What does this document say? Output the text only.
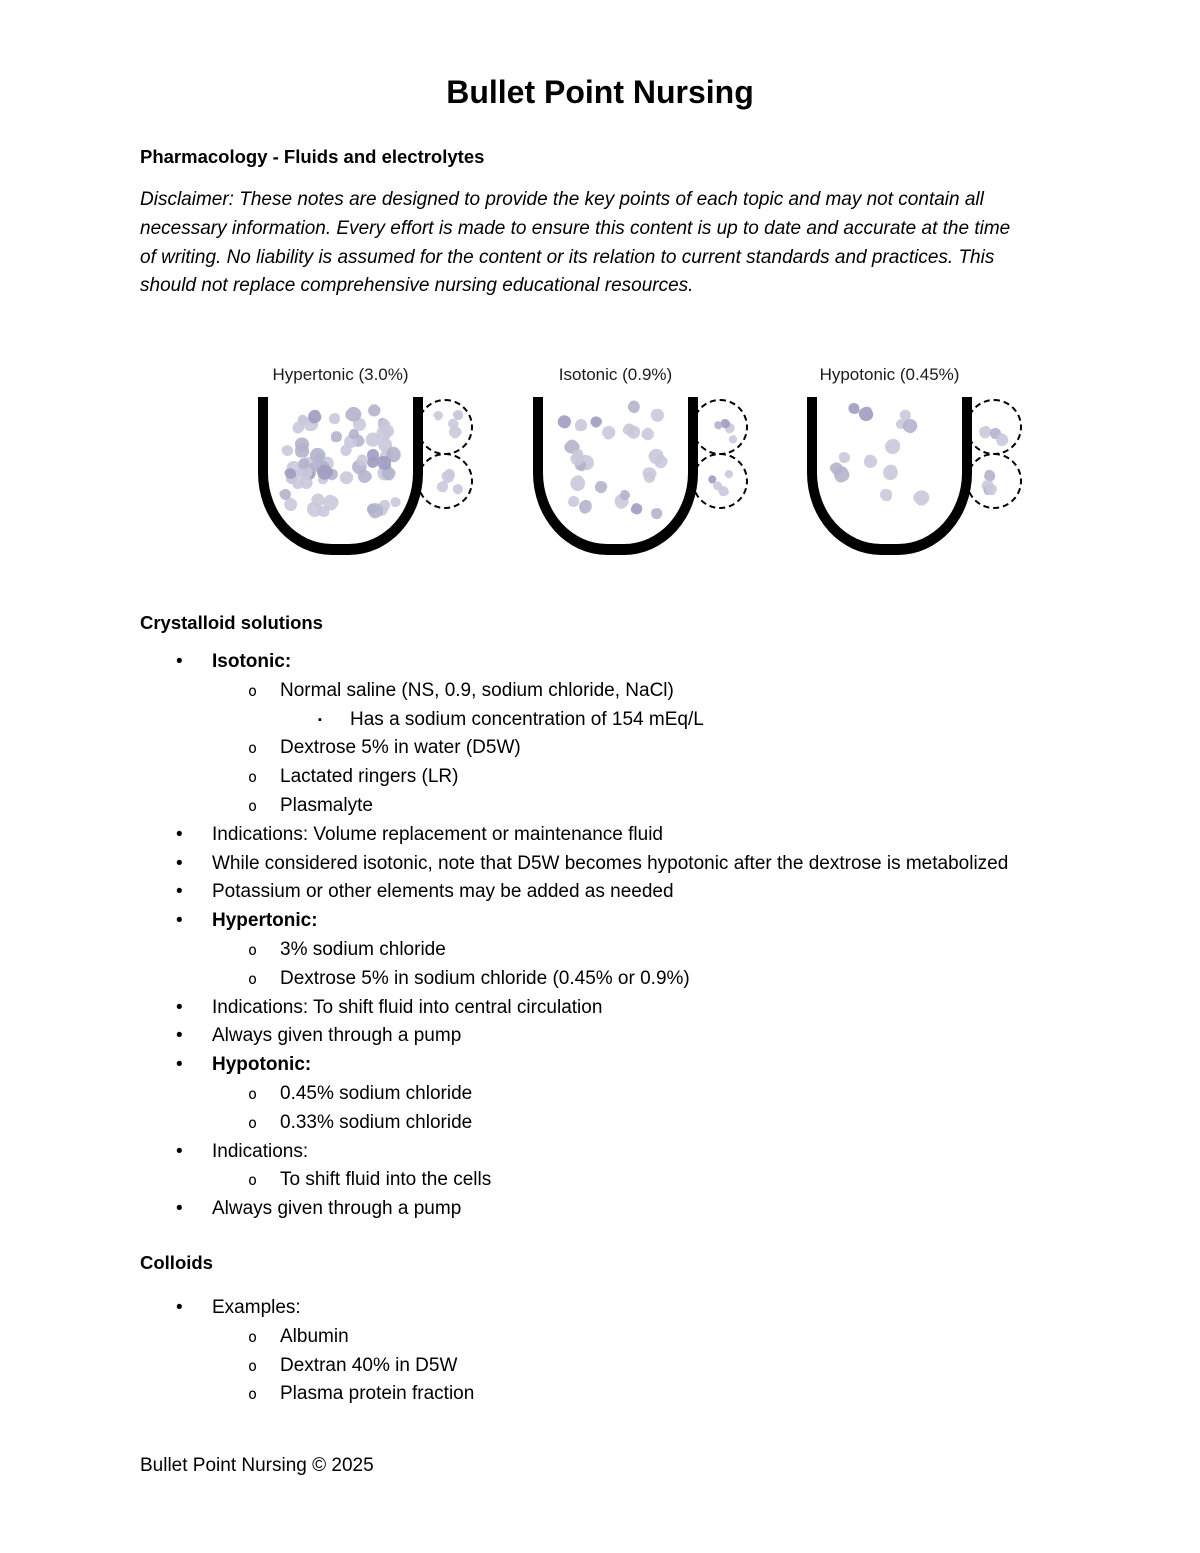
Bullet Point Nursing
Pharmacology - Fluids and electrolytes
Disclaimer: These notes are designed to provide the key points of each topic and may not contain all
necessary information. Every effort is made to ensure this content is up to date and accurate at the time
of writing. No liability is assumed for the content or its relation to current standards and practices. This
should not replace comprehensive nursing educational resources.
Hypertonic (3.0%)	Isotonic (0.9%)	Hypotonic (0.45%)
Crystalloid solutions
• Isotonic:
o Normal saline (NS, 0.9, sodium chloride, NaCl)
▪ Has a sodium concentration of 154 mEq/L
o Dextrose 5% in water (D5W)
o Lactated ringers (LR)
o Plasmalyte
• Indications: Volume replacement or maintenance fluid
• While considered isotonic, note that D5W becomes hypotonic after the dextrose is metabolized
• Potassium or other elements may be added as needed
• Hypertonic:
o 3% sodium chloride
o Dextrose 5% in sodium chloride (0.45% or 0.9%)
• Indications: To shift fluid into central circulation
• Always given through a pump
• Hypotonic:
o 0.45% sodium chloride
o 0.33% sodium chloride
• Indications:
o To shift fluid into the cells
• Always given through a pump
Colloids
• Examples:
o Albumin
o Dextran 40% in D5W
o Plasma protein fraction
Bullet Point Nursing © 2025
